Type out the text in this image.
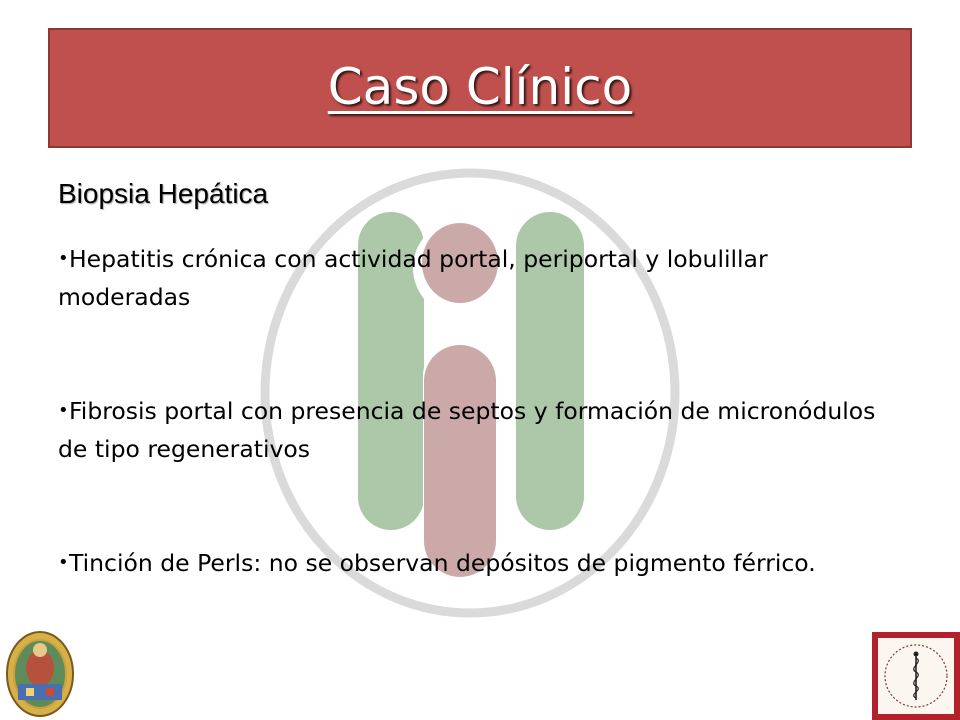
Caso Clínico
Biopsia Hepática
•Hepatitis crónica con actividad portal, periportal y lobulillar moderadas
•Fibrosis portal con presencia de septos y formación de micronódulos de tipo regenerativos
•Tinción de Perls: no se observan depósitos de pigmento férrico.
